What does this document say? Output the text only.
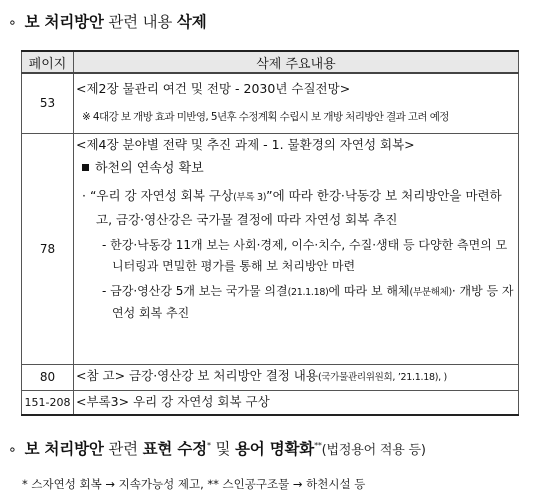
∘ 보 처리방안 관련 내용 삭제
페이지	삭제 주요내용
53	<제2장 물관리 여건 및 전망 - 2030년 수질전망>
※ 4대강 보 개방 효과 미반영, 5년후 수정계획 수립시 보 개방 처리방안 결과 고려 예정

78	<제4장 분야별 전략 및 추진 과제 - 1. 물환경의 자연성 회복>
하천의 연속성 확보
· “우리 강 자연성 회복 구상(부록 3)”에 따라 한강·낙동강 보 처리방안을 마련하고, 금강·영산강은 국가물 결정에 따라 자연성 회복 추진
- 한강·낙동강 11개 보는 사회·경제, 이수·치수, 수질·생태 등 다양한 측면의 모니터링과 면밀한 평가를 통해 보 처리방안 마련
- 금강·영산강 5개 보는 국가물 의결(21.1.18)에 따라 보 해체(부분해체)· 개방 등 자연성 회복 추진

80	<참 고> 금강·영산강 보 처리방안 결정 내용(국가물관리위원회, ’21.1.18), )
151-208	<부록3> 우리 강 자연성 회복 구상
∘ 보 처리방안 관련 표현 수정* 및 용어 명확화**(법정용어 적용 등)
* 스자연성 회복 → 지속가능성 제고, ** 스인공구조물 → 하천시설 등
